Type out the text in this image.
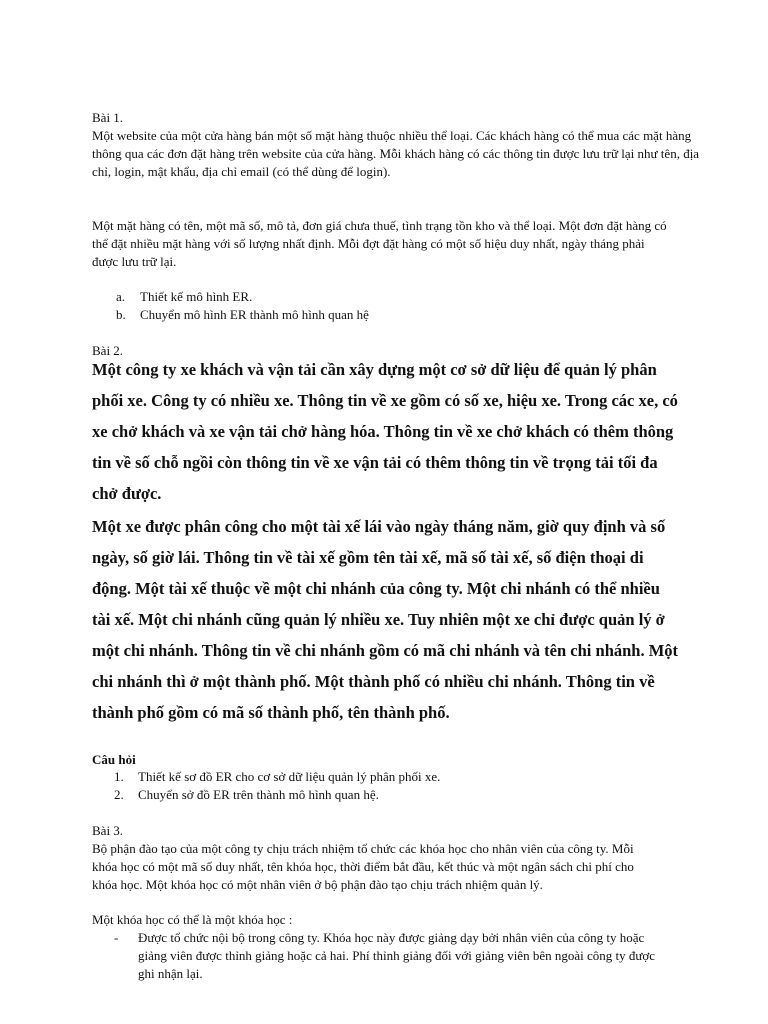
Bài 1.

Một website của một cửa hàng bán một số mặt hàng thuộc nhiều thể loại. Các khách hàng có thể mua các mặt hàng thông qua các đơn đặt hàng trên website của cửa hàng. Mỗi khách hàng có các thông tin được lưu trữ lại như tên, địa chỉ, login, mật khẩu, địa chỉ email (có thể dùng để login).

Một mặt hàng có tên, một mã số, mô tả, đơn giá chưa thuế, tình trạng tồn kho và thể loại. Một đơn đặt hàng có thể đặt nhiều mặt hàng với số lượng nhất định. Mỗi đợt đặt hàng có một số hiệu duy nhất, ngày tháng phải được lưu trữ lại.

a.	Thiết kế mô hình ER.
b.	Chuyển mô hình ER thành mô hình quan hệ
Bài 2.

Một công ty xe khách và vận tải cần xây dựng một cơ sở dữ liệu để quản lý phân phối xe. Công ty có nhiều xe. Thông tin về xe gồm có số xe, hiệu xe. Trong các xe, có xe chở khách và xe vận tải chở hàng hóa. Thông tin về xe chở khách có thêm thông tin về số chỗ ngồi còn thông tin về xe vận tải có thêm thông tin về trọng tải tối đa chở được.

Một xe được phân công cho một tài xế lái vào ngày tháng năm, giờ quy định và số ngày, số giờ lái. Thông tin về tài xế gồm tên tài xế, mã số tài xế, số điện thoại di động. Một tài xế thuộc về một chi nhánh của công ty. Một chi nhánh có thể nhiều tài xế. Một chi nhánh cũng quản lý nhiều xe. Tuy nhiên một xe chỉ được quản lý ở một chi nhánh. Thông tin về chi nhánh gồm có mã chi nhánh và tên chi nhánh. Một chi nhánh thì ở một thành phố. Một thành phố có nhiều chi nhánh. Thông tin về thành phố gồm có mã số thành phố, tên thành phố.

Câu hỏi
1.	Thiết kế sơ đồ ER cho cơ sở dữ liệu quản lý phân phối xe.
2.	Chuyển sở đồ ER trên thành mô hình quan hệ.
Bài 3.

Bộ phận đào tạo của một công ty chịu trách nhiệm tổ chức các khóa học cho nhân viên của công ty. Mỗi khóa học có một mã số duy nhất, tên khóa học, thời điểm bắt đầu, kết thúc và một ngân sách chi phí cho khóa học. Một khóa học có một nhân viên ở bộ phận đào tạo chịu trách nhiệm quản lý.

Một khóa học có thể là một khóa học :

-	Được tổ chức nội bộ trong công ty. Khóa học này được giảng dạy bởi nhân viên của công ty hoặc giảng viên được thỉnh giảng hoặc cả hai. Phí thỉnh giảng đối với giảng viên bên ngoài công ty được ghi nhận lại.
